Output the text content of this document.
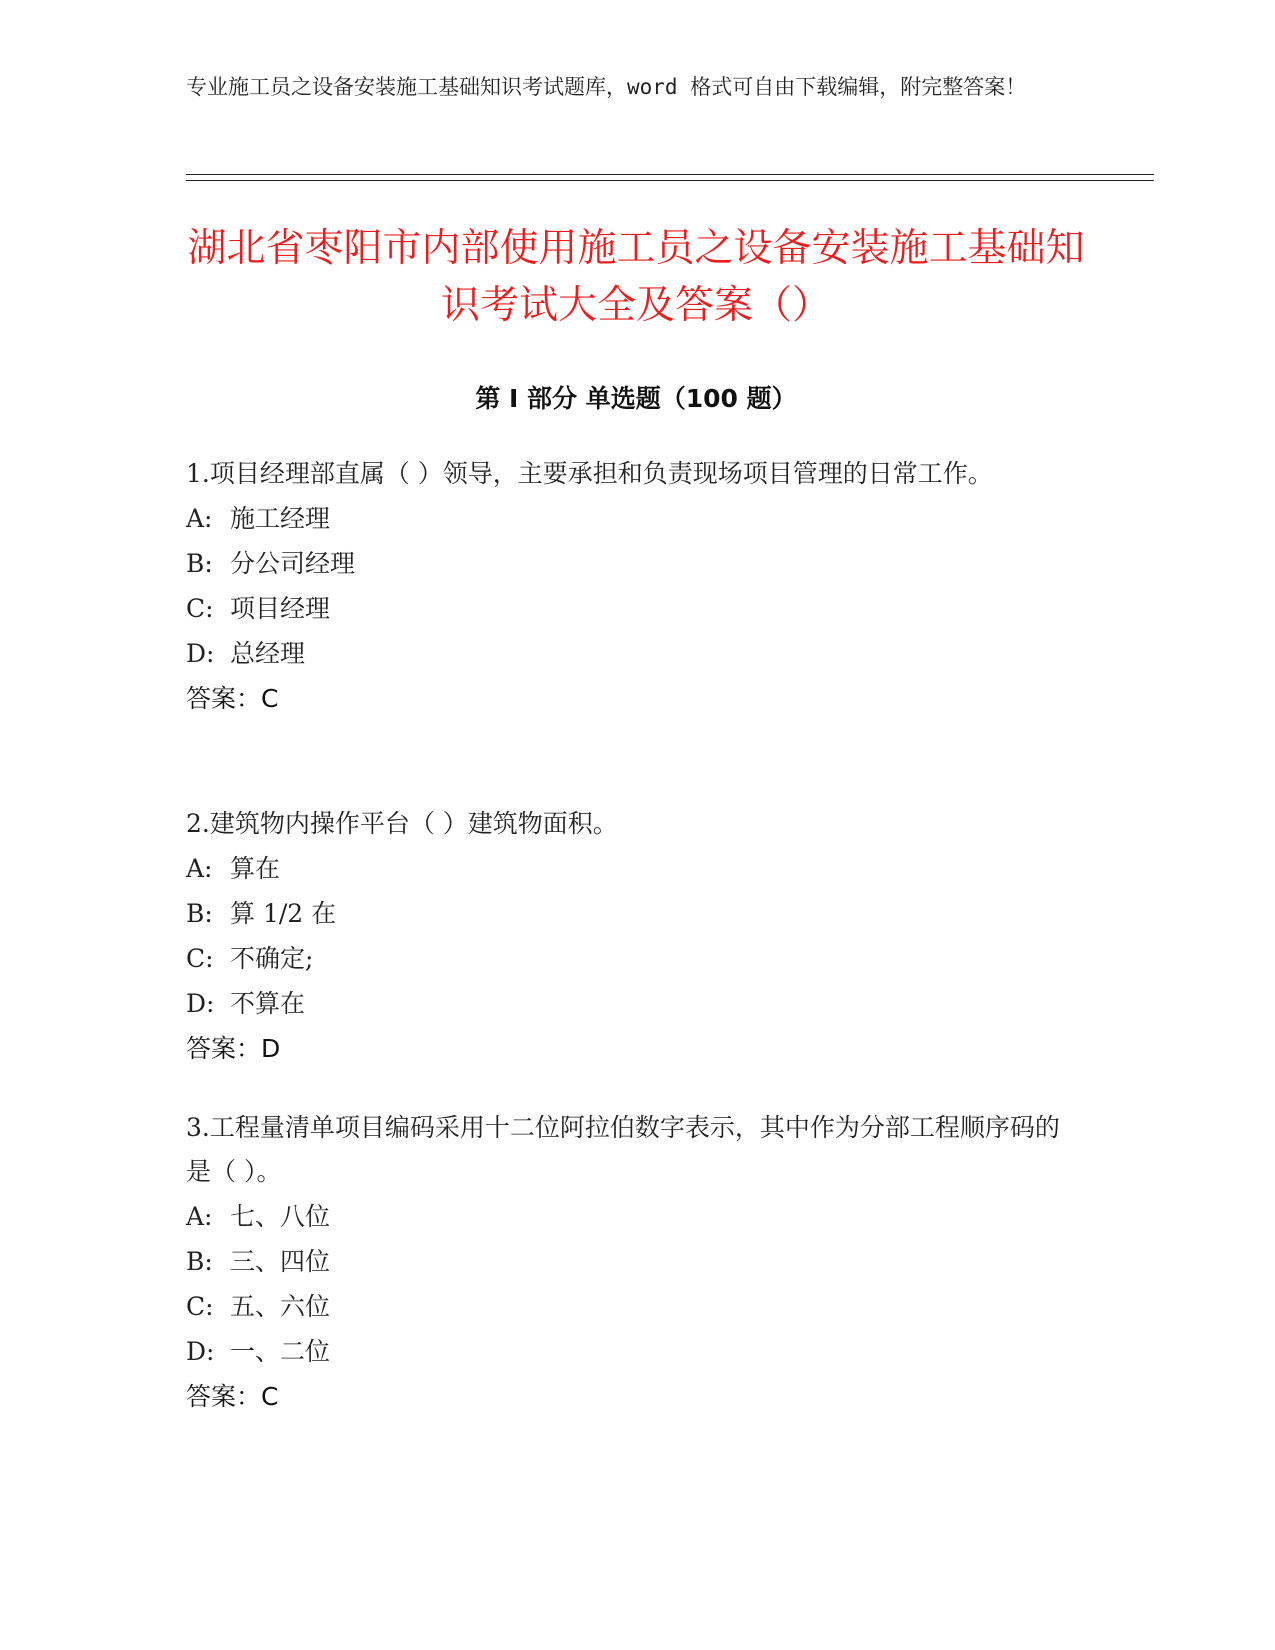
专业施工员之设备安装施工基础知识考试题库，word 格式可自由下载编辑，附完整答案！
湖北省枣阳市内部使用施工员之设备安装施工基础知识考试大全及答案（）
第 I 部分 单选题（100 题）

1.项目经理部直属（ ）领导，主要承担和负责现场项目管理的日常工作。

A: 施工经理

B: 分公司经理

C: 项目经理

D: 总经理

答案：C

2.建筑物内操作平台（ ）建筑物面积。

A: 算在

B: 算 1/2 在

C: 不确定;

D: 不算在

答案：D

3.工程量清单项目编码采用十二位阿拉伯数字表示，其中作为分部工程顺序码的是（ ）。

A: 七、八位

B: 三、四位

C: 五、六位

D: 一、二位

答案：C
